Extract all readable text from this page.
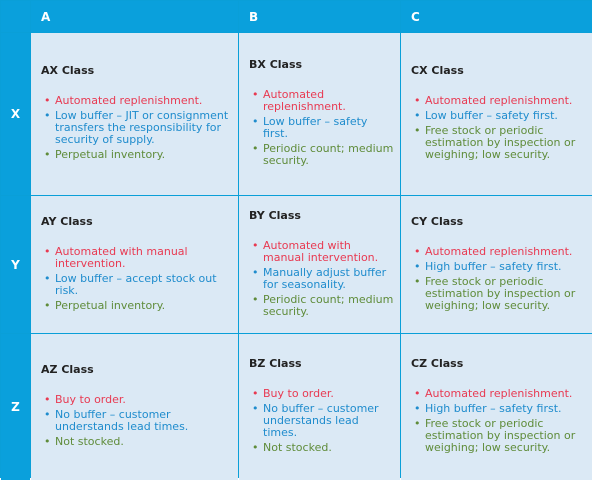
A	B	C
X
AX Class
• Automated replenishment.
• Low buffer – JIT or consignment transfers the responsibility for security of supply.
• Perpetual inventory.
BX Class
• Automated replenishment.
• Low buffer – safety first.
• Periodic count; medium security.
CX Class
• Automated replenishment.
• Low buffer – safety first.
• Free stock or periodic estimation by inspection or weighing; low security.
Y
AY Class
• Automated with manual intervention.
• Low buffer – accept stock out risk.
• Perpetual inventory.
BY Class
• Automated with manual intervention.
• Manually adjust buffer for seasonality.
• Periodic count; medium security.
CY Class
• Automated replenishment.
• High buffer – safety first.
• Free stock or periodic estimation by inspection or weighing; low security.
Z
AZ Class
• Buy to order.
• No buffer – customer understands lead times.
• Not stocked.
BZ Class
• Buy to order.
• No buffer – customer understands lead times.
• Not stocked.
CZ Class
• Automated replenishment.
• High buffer – safety first.
• Free stock or periodic estimation by inspection or weighing; low security.
